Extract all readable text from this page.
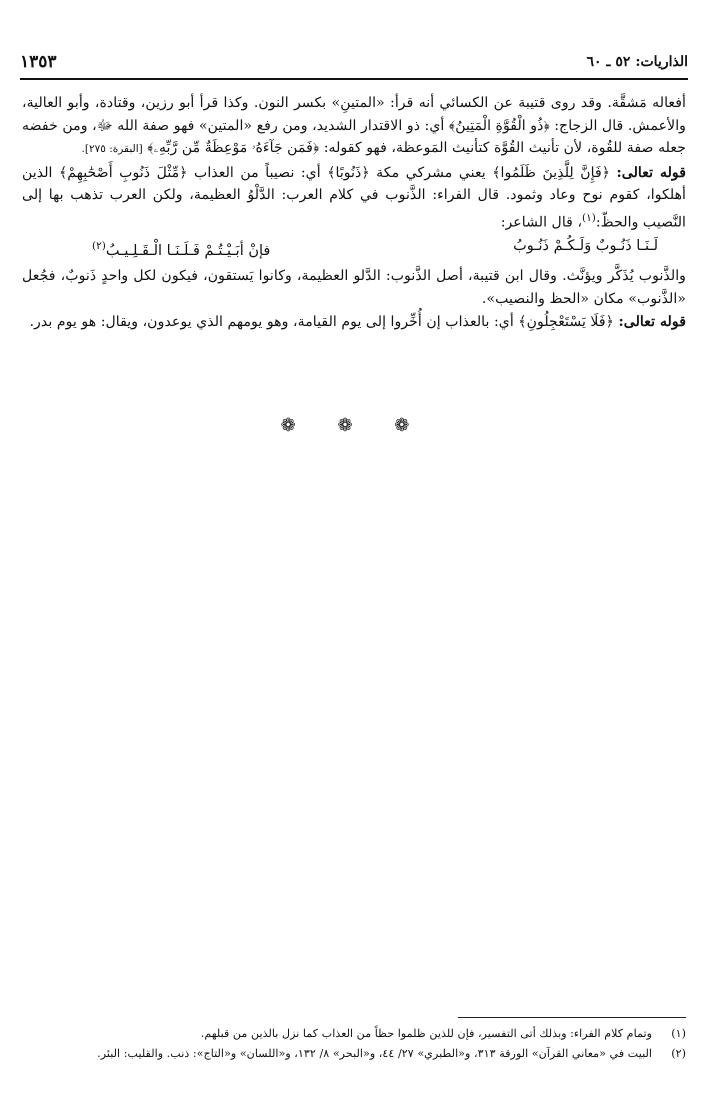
الذاريات: ٥٢ ـ ٦٠
١٣٥٣

أفعاله مَشقَّة. وقد روى قتيبة عن الكسائي أنه قرأ: «المتينِ» بكسر النون. وكذا قرأ أبو رزين، وقتادة، وأبو العالية، والأعمش. قال الزجاج: ﴿ذُو الْقُوَّةِ الْمَتِينُ﴾ أي: ذو الاقتدار الشديد، ومن رفع «المتين» فهو صفة الله ﷻ، ومن خفضه جعله صفة للقُوة، لأن تأنيث القُوَّة كتأنيث المَوعظة، فهو كقوله: ﴿فَمَن جَآءَهُۥ مَوْعِظَةٌ مِّن رَّبِّهِۦ﴾ [البقرة: ٢٧٥].

قوله تعالى: ﴿فَإِنَّ لِلَّذِينَ ظَلَمُوا﴾ يعني مشركي مكة ﴿ذَنُوبًا﴾ أي: نصيباً من العذاب ﴿مِّثْلَ ذَنُوبِ أَصْحَٰبِهِمْ﴾ الذين أهلكوا، كقوم نوح وعاد وثمود. قال الفراء: الذَّنوب في كلام العرب: الدَّلْوُ العظيمة، ولكن العرب تذهب بها إلى النَّصيب والحظّ:$^{(١)}$، قال الشاعر:

لَـنَـا ذَنُـوبٌ وَلَـكُـمْ ذَنُـوبُ
فإنْ أبَـيْـتُـمْ فَـلَـنَـا الْـقَـلِـيـبُ$^{(٢)}$

والذَّنوب يُذَكَّر ويؤنَّث. وقال ابن قتيبة، أصل الذَّنوب: الدَّلو العظيمة، وكانوا يَستقون، فيكون لكل واحدٍ ذَنوبٌ، فجُعل «الذَّنوب» مكان «الحظ والنصيب».

قوله تعالى: ﴿فَلَا يَسْتَعْجِلُونِ﴾ أي: بالعذاب إن أُخِّروا إلى يوم القيامة، وهو يومهم الذي يوعدون، ويقال: هو يوم بدر.

❁ ❁ ❁
(١)وتمام كلام الفراء: وبذلك أتى التفسير، فإن للذين ظلموا حظاً من العذاب كما نزل بالذين من قبلهم.
(٢)البيت في «معاني القرآن» الورقة ٣١٣، و«الطبري» ٢٧/ ٤٤، و«البحر» ٨/ ١٣٢، و«اللسان» و«التاج»: ذنب. والقليب: البئر.
